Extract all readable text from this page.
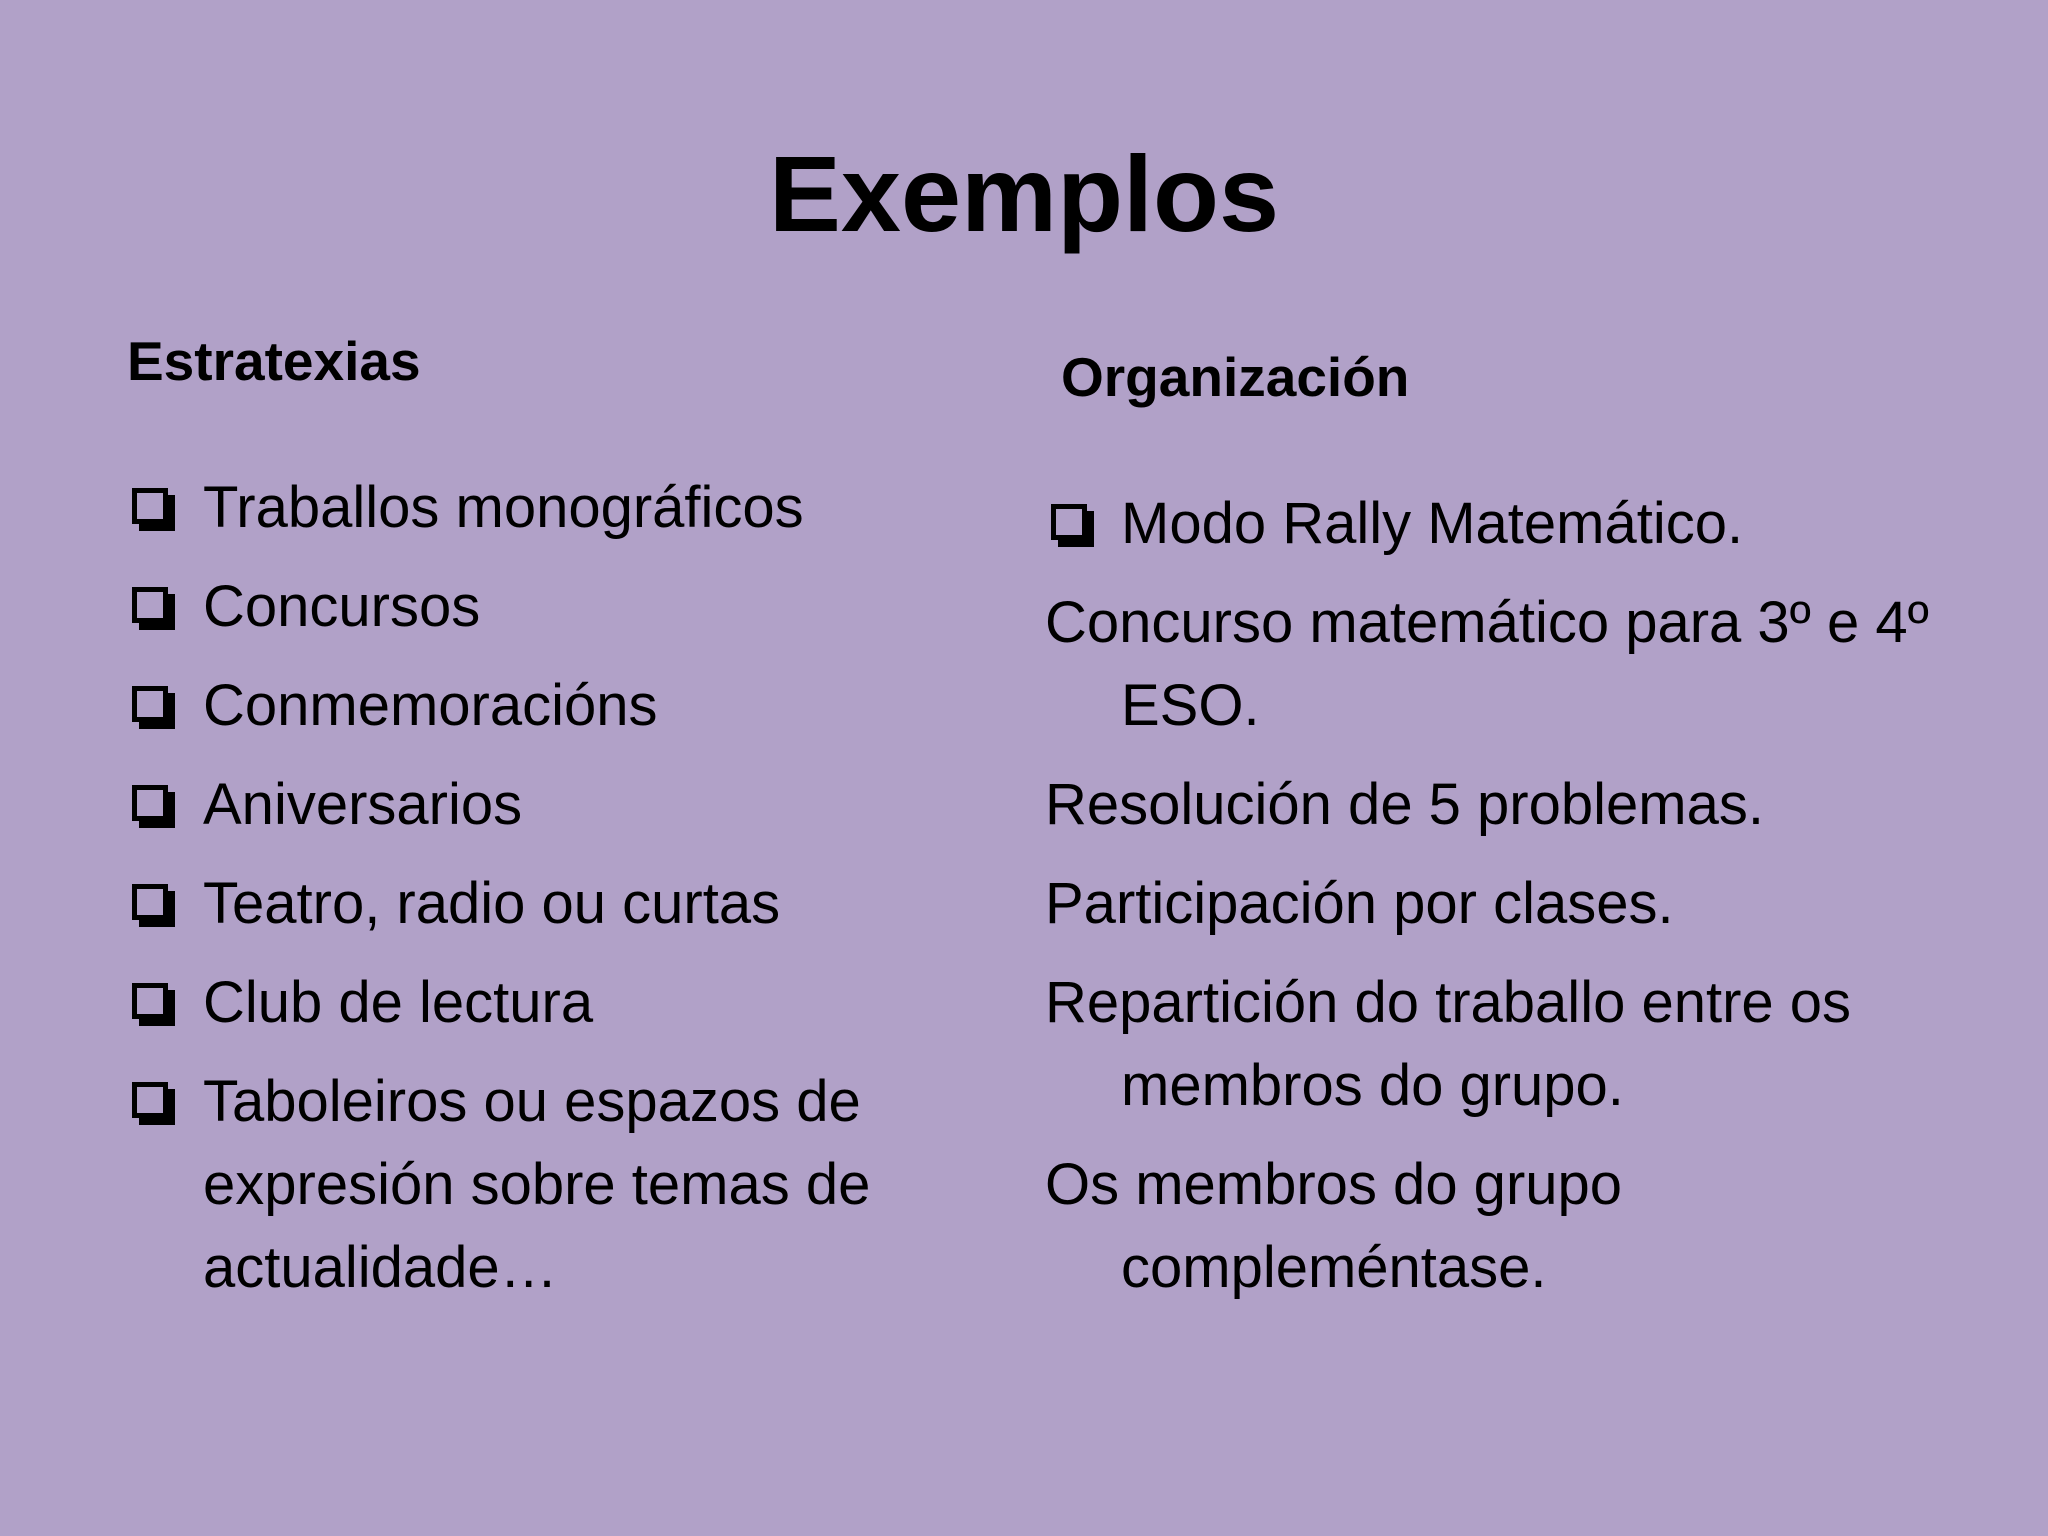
Exemplos
Estratexias	Organización
Traballos monográficos
Concursos
Conmemoracións
Aniversarios
Teatro, radio ou curtas
Club de lectura
Taboleiros ou espazos de expresión sobre temas de actualidade…
Modo Rally Matemático.
Concurso matemático para 3º e 4º ESO.
Resolución de 5 problemas.
Participación por clases.
Repartición do traballo entre os membros do grupo.
Os membros do grupo compleméntase.
